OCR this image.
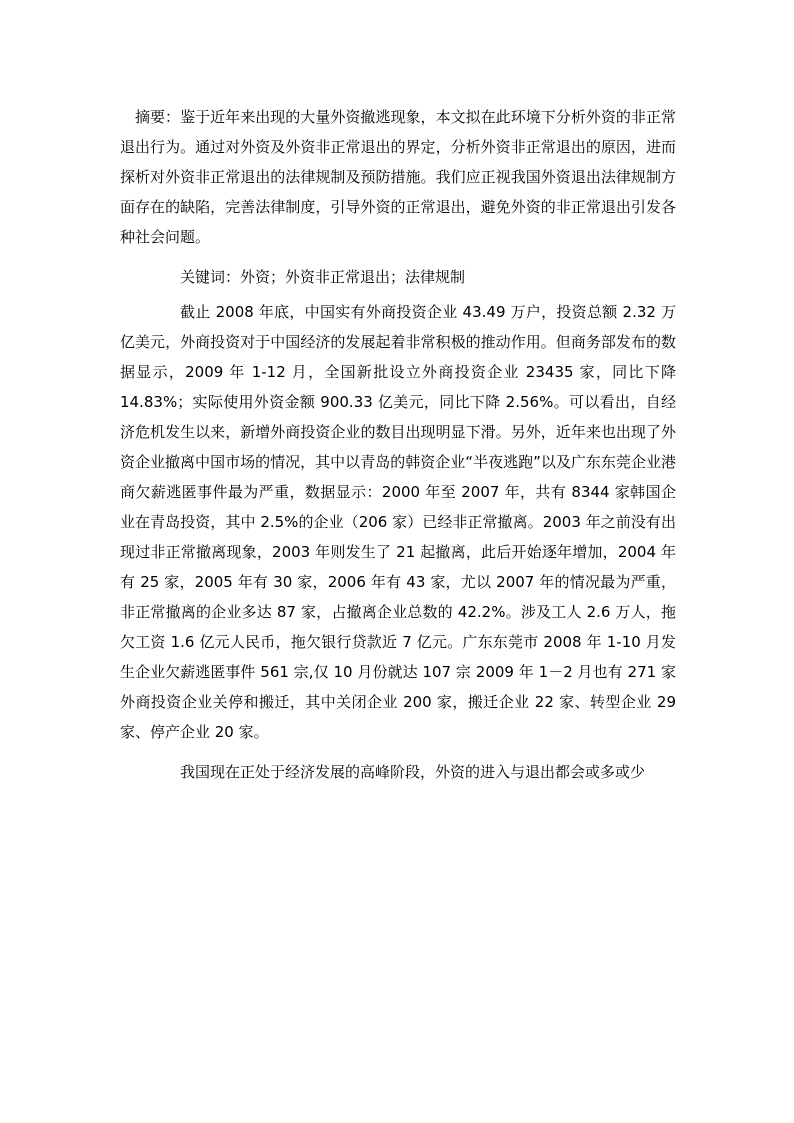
摘要：鉴于近年来出现的大量外资撤逃现象，本文拟在此环境下分析外资的非正常退出行为。通过对外资及外资非正常退出的界定，分析外资非正常退出的原因，进而探析对外资非正常退出的法律规制及预防措施。我们应正视我国外资退出法律规制方面存在的缺陷，完善法律制度，引导外资的正常退出，避免外资的非正常退出引发各种社会问题。

关键词：外资；外资非正常退出；法律规制

截止 2008 年底，中国实有外商投资企业 43.49 万户，投资总额 2.32 万亿美元，外商投资对于中国经济的发展起着非常积极的推动作用。但商务部发布的数据显示，2009 年 1-12 月，全国新批设立外商投资企业 23435 家，同比下降 14.83%；实际使用外资金额 900.33 亿美元，同比下降 2.56%。可以看出，自经济危机发生以来，新增外商投资企业的数目出现明显下滑。另外，近年来也出现了外资企业撤离中国市场的情况，其中以青岛的韩资企业“半夜逃跑”以及广东东莞企业港商欠薪逃匿事件最为严重，数据显示：2000 年至 2007 年，共有 8344 家韩国企业在青岛投资，其中 2.5%的企业（206 家）已经非正常撤离。2003 年之前没有出现过非正常撤离现象，2003 年则发生了 21 起撤离，此后开始逐年增加，2004 年有 25 家，2005 年有 30 家，2006 年有 43 家，尤以 2007 年的情况最为严重，非正常撤离的企业多达 87 家，占撤离企业总数的 42.2%。涉及工人 2.6 万人，拖欠工资 1.6 亿元人民币，拖欠银行贷款近 7 亿元。广东东莞市 2008 年 1-10 月发生企业欠薪逃匿事件 561 宗,仅 10 月份就达 107 宗 2009 年 1－2 月也有 271 家外商投资企业关停和搬迁，其中关闭企业 200 家，搬迁企业 22 家、转型企业 29 家、停产企业 20 家。

我国现在正处于经济发展的高峰阶段，外资的进入与退出都会或多或少
